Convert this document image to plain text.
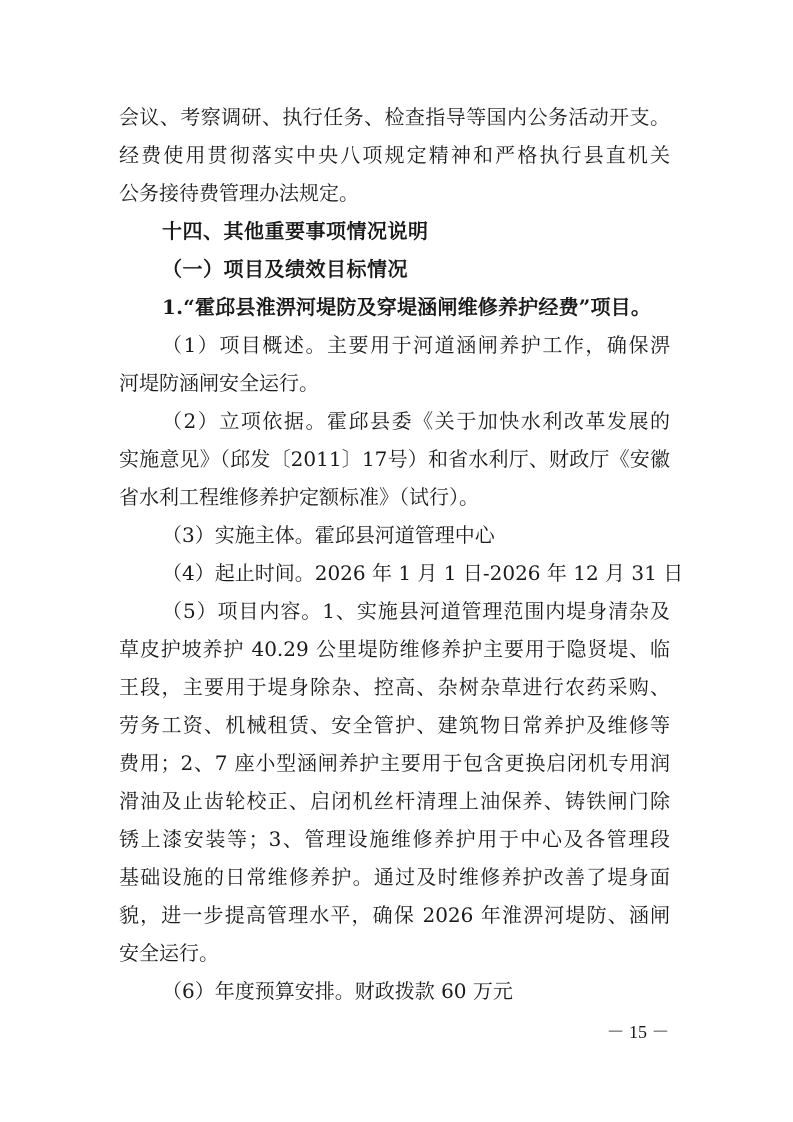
会议、考察调研、执行任务、检查指导等国内公务活动开支。
经费使用贯彻落实中央八项规定精神和严格执行县直机关
公务接待费管理办法规定。
十四、其他重要事项情况说明
（一）项目及绩效目标情况
1.“霍邱县淮淠河堤防及穿堤涵闸维修养护经费”项目。
（1）项目概述。主要用于河道涵闸养护工作，确保淠
河堤防涵闸安全运行。
（2）立项依据。霍邱县委《关于加快水利改革发展的
实施意见》（邱发〔2011〕17号）和省水利厅、财政厅《安徽
省水利工程维修养护定额标准》（试行）。
（3）实施主体。霍邱县河道管理中心
（4）起止时间。2026 年 1 月 1 日-2026 年 12 月 31 日
（5）项目内容。1、实施县河道管理范围内堤身清杂及
草皮护坡养护 40.29 公里堤防维修养护主要用于隐贤堤、临
王段，主要用于堤身除杂、控高、杂树杂草进行农药采购、
劳务工资、机械租赁、安全管护、建筑物日常养护及维修等
费用；2、7 座小型涵闸养护主要用于包含更换启闭机专用润
滑油及止齿轮校正、启闭机丝杆清理上油保养、铸铁闸门除
锈上漆安装等；3、管理设施维修养护用于中心及各管理段
基础设施的日常维修养护。通过及时维修养护改善了堤身面
貌，进一步提高管理水平，确保 2026 年淮淠河堤防、涵闸
安全运行。
（6）年度预算安排。财政拨款 60 万元
－ 15 －
